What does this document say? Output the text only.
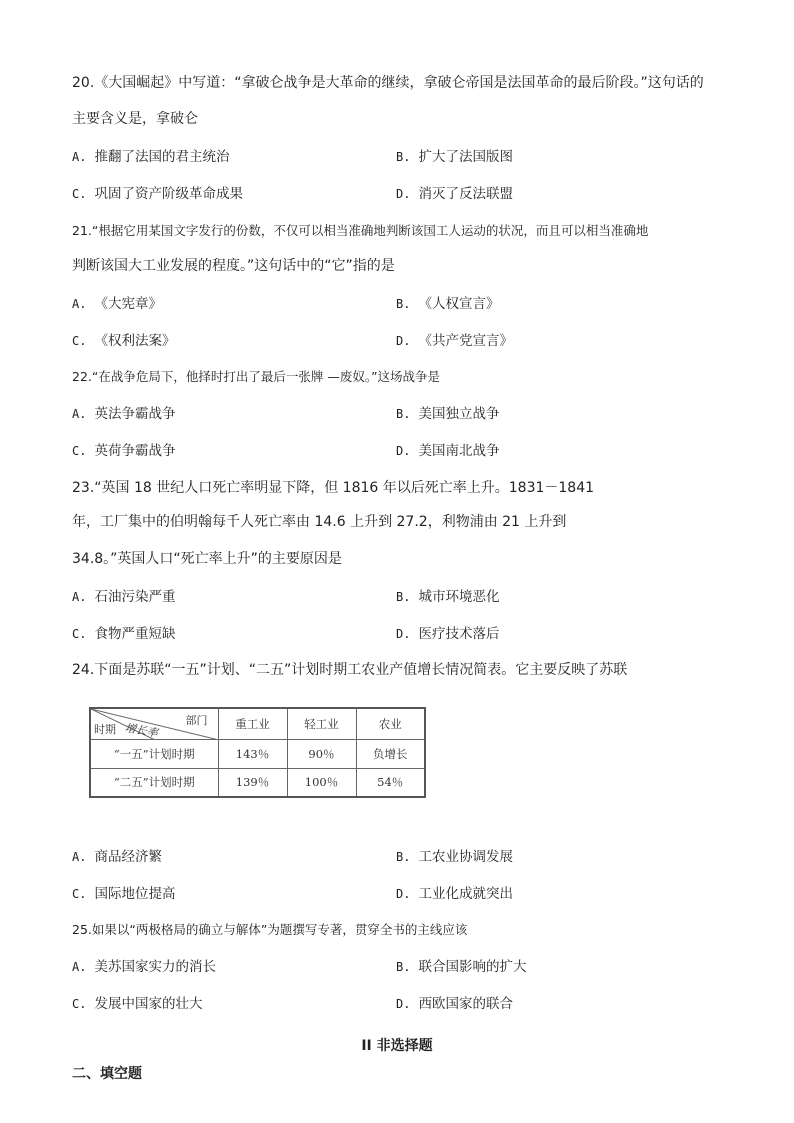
20.《大国崛起》中写道：“拿破仑战争是大革命的继续，拿破仑帝国是法国革命的最后阶段。”这句话的
主要含义是，拿破仑
A. 推翻了法国的君主统治	B. 扩大了法国版图
C. 巩固了资产阶级革命成果	D. 消灭了反法联盟
21.“根据它用某国文字发行的份数，不仅可以相当准确地判断该国工人运动的状况，而且可以相当准确地
判断该国大工业发展的程度。”这句话中的“它”指的是
A. 《大宪章》	B. 《人权宣言》
C. 《权利法案》	D. 《共产党宣言》
22.“在战争危局下，他择时打出了最后一张牌 —废奴。”这场战争是
A. 英法争霸战争	B. 美国独立战争
C. 英荷争霸战争	D. 美国南北战争
23.“英国 18 世纪人口死亡率明显下降，但 1816 年以后死亡率上升。1831－1841
年，工厂集中的伯明翰每千人死亡率由 14.6 上升到 27.2，利物浦由 21 上升到
34.8。”英国人口“死亡率上升”的主要原因是
A. 石油污染严重	B. 城市环境恶化
C. 食物严重短缺	D. 医疗技术落后
24.下面是苏联“一五”计划、“二五”计划时期工农业产值增长情况简表。它主要反映了苏联
部门
增长率
时期	重工业	轻工业	农业
“一五”计划时期	143％	90％	负增长
“二五”计划时期	139％	100％	54％
A. 商品经济繁	B. 工农业协调发展
C. 国际地位提高	D. 工业化成就突出
25.如果以“两极格局的确立与解体”为题撰写专著，贯穿全书的主线应该
A. 美苏国家实力的消长	B. 联合国影响的扩大
C. 发展中国家的壮大	D. 西欧国家的联合
II 非选择题
二、填空题
